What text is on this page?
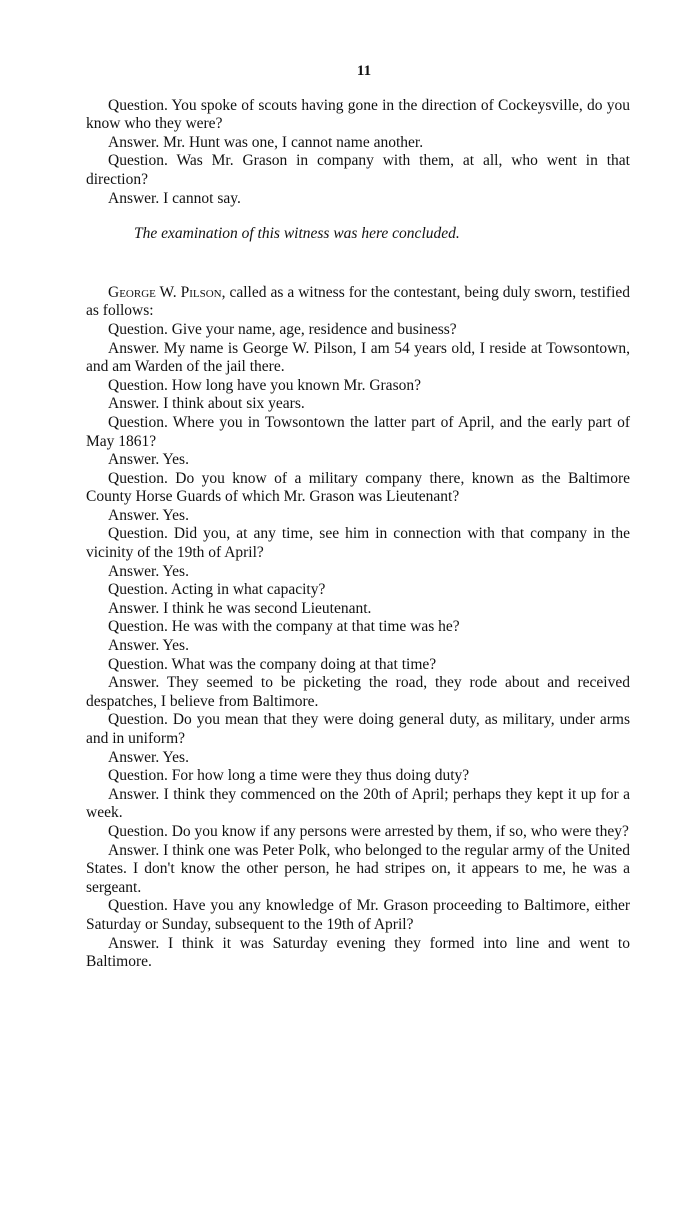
11

Question. You spoke of scouts having gone in the direction of Cockeysville, do you know who they were?

Answer. Mr. Hunt was one, I cannot name another.

Question. Was Mr. Grason in company with them, at all, who went in that direction?

Answer. I cannot say.

The examination of this witness was here concluded.

George W. Pilson, called as a witness for the contestant, being duly sworn, testified as follows:

Question. Give your name, age, residence and business?

Answer. My name is George W. Pilson, I am 54 years old, I reside at Towsontown, and am Warden of the jail there.

Question. How long have you known Mr. Grason?

Answer. I think about six years.

Question. Where you in Towsontown the latter part of April, and the early part of May 1861?

Answer. Yes.

Question. Do you know of a military company there, known as the Baltimore County Horse Guards of which Mr. Grason was Lieutenant?

Answer. Yes.

Question. Did you, at any time, see him in connection with that company in the vicinity of the 19th of April?

Answer. Yes.

Question. Acting in what capacity?

Answer. I think he was second Lieutenant.

Question. He was with the company at that time was he?

Answer. Yes.

Question. What was the company doing at that time?

Answer. They seemed to be picketing the road, they rode about and received despatches, I believe from Baltimore.

Question. Do you mean that they were doing general duty, as military, under arms and in uniform?

Answer. Yes.

Question. For how long a time were they thus doing duty?

Answer. I think they commenced on the 20th of April; perhaps they kept it up for a week.

Question. Do you know if any persons were arrested by them, if so, who were they?

Answer. I think one was Peter Polk, who belonged to the regular army of the United States. I don't know the other person, he had stripes on, it appears to me, he was a sergeant.

Question. Have you any knowledge of Mr. Grason proceeding to Baltimore, either Saturday or Sunday, subsequent to the 19th of April?

Answer. I think it was Saturday evening they formed into line and went to Baltimore.
